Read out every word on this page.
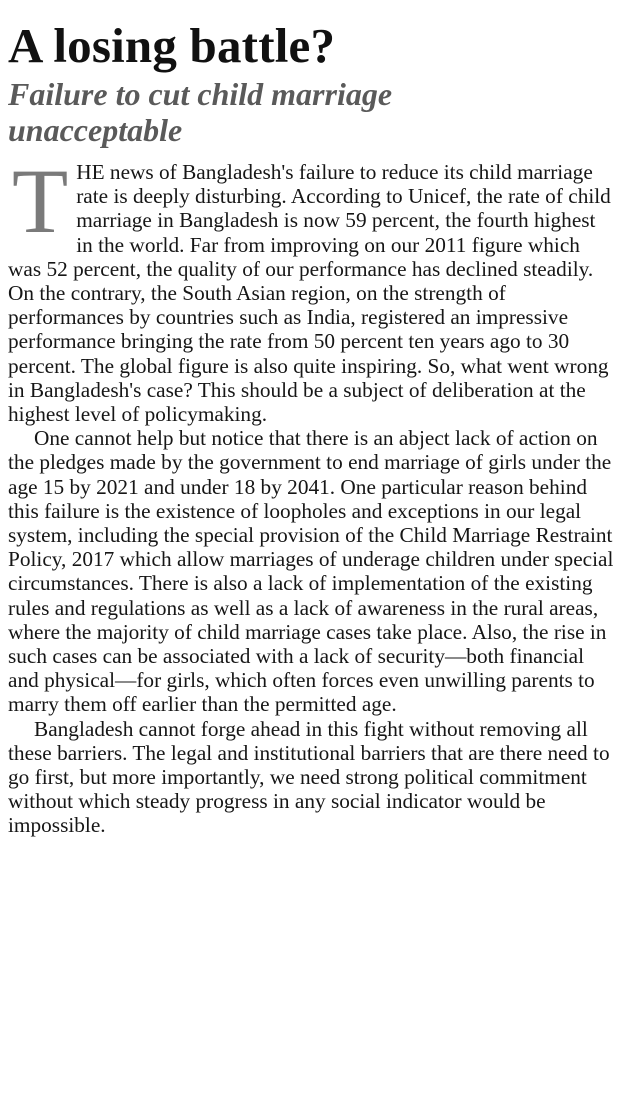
A losing battle?
Failure to cut child marriage unacceptable

THE news of Bangladesh's failure to reduce its child marriage rate is deeply disturbing. According to Unicef, the rate of child marriage in Bangladesh is now 59 percent, the fourth highest in the world. Far from improving on our 2011 figure which was 52 percent, the quality of our performance has declined steadily. On the contrary, the South Asian region, on the strength of performances by countries such as India, registered an impressive performance bringing the rate from 50 percent ten years ago to 30 percent. The global figure is also quite inspiring. So, what went wrong in Bangladesh's case? This should be a subject of deliberation at the highest level of policymaking.

One cannot help but notice that there is an abject lack of action on the pledges made by the government to end marriage of girls under the age 15 by 2021 and under 18 by 2041. One particular reason behind this failure is the existence of loopholes and exceptions in our legal system, including the special provision of the Child Marriage Restraint Policy, 2017 which allow marriages of underage children under special circumstances. There is also a lack of implementation of the existing rules and regulations as well as a lack of awareness in the rural areas, where the majority of child marriage cases take place. Also, the rise in such cases can be associated with a lack of security—both financial and physical—for girls, which often forces even unwilling parents to marry them off earlier than the permitted age.

Bangladesh cannot forge ahead in this fight without removing all these barriers. The legal and institutional barriers that are there need to go first, but more importantly, we need strong political commitment without which steady progress in any social indicator would be impossible.
